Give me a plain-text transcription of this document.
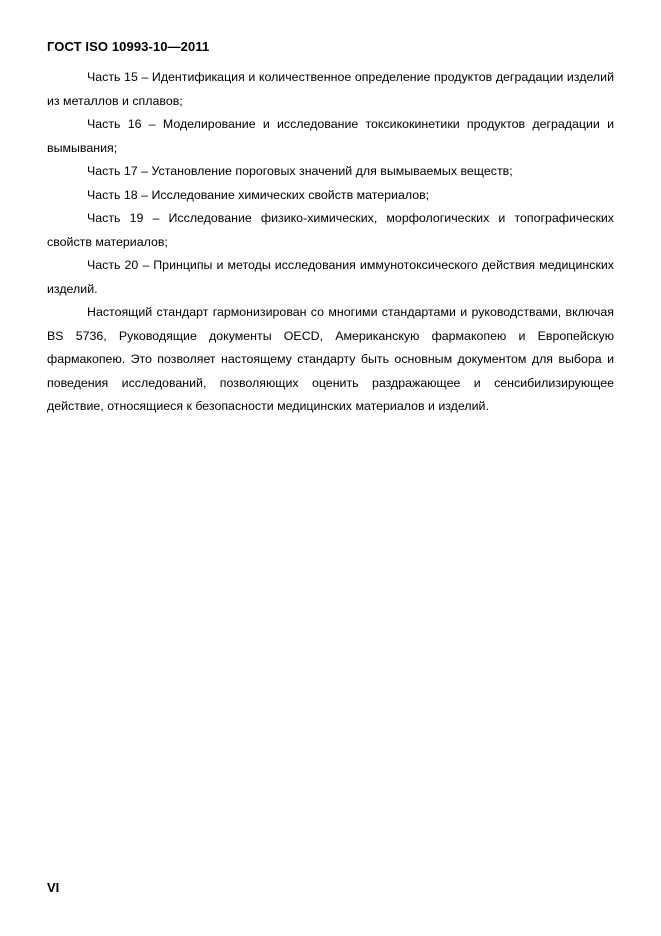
ГОСТ ISO 10993-10—2011

Часть 15 – Идентификация и количественное определение продуктов деградации изделий из металлов и сплавов;

Часть 16 – Моделирование и исследование токсикокинетики продуктов деградации и вымывания;

Часть 17 – Установление пороговых значений для вымываемых веществ;

Часть 18 – Исследование химических свойств материалов;

Часть 19 – Исследование физико-химических, морфологических и топографических свойств материалов;

Часть 20 – Принципы и методы исследования иммунотоксического действия медицинских изделий.

Настоящий стандарт гармонизирован со многими стандартами и руководствами, включая BS 5736, Руководящие документы OECD, Американскую фармакопею и Европейскую фармакопею. Это позволяет настоящему стандарту быть основным документом для выбора и поведения исследований, позволяющих оценить раздражающее и сенсибилизирующее действие, относящиеся к безопасности медицинских материалов и изделий.

VI
